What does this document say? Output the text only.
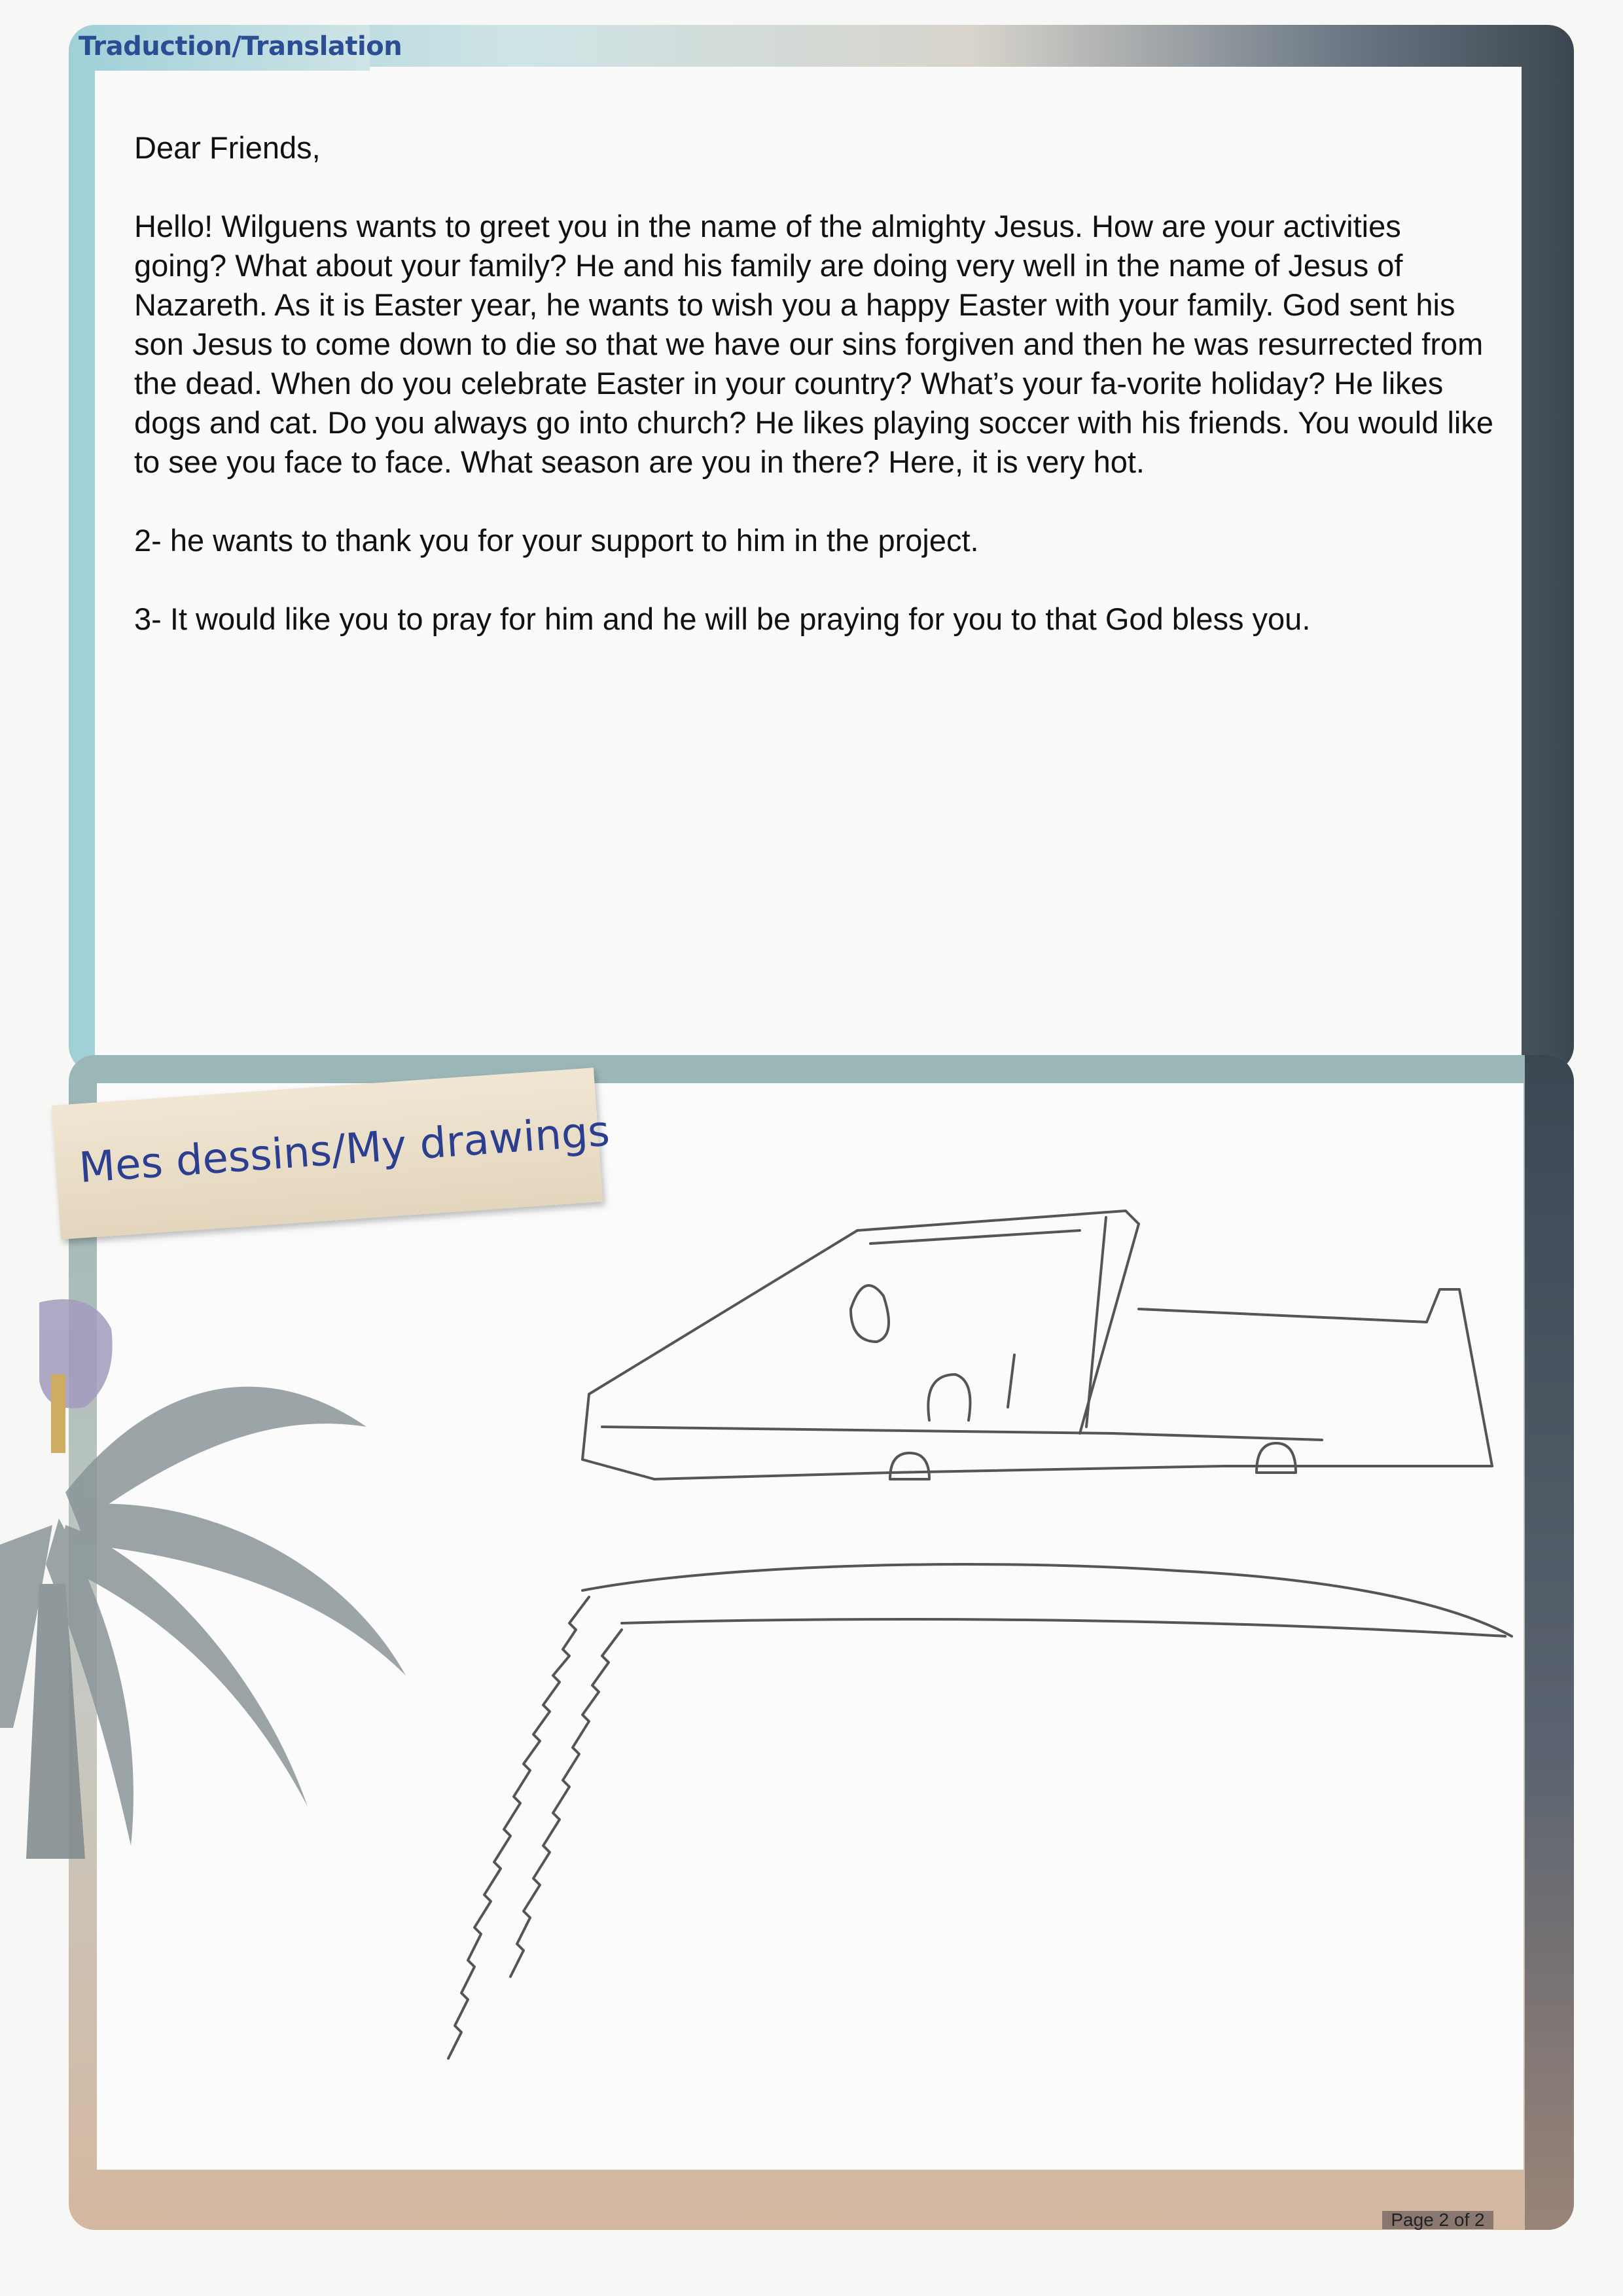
Traduction/Translation

Dear Friends,

Hello! Wilguens wants to greet you in the name of the almighty Jesus. How are your activities going? What about your family? He and his family are doing very well in the name of Jesus of Nazareth. As it is Easter year, he wants to wish you a happy Easter with your family. God sent his son Jesus to come down to die so that we have our sins forgiven and then he was resurrected from the dead. When do you celebrate Easter in your country? What’s your fa-vorite holiday? He likes dogs and cat. Do you always go into church? He likes playing soccer with his friends. You would like to see you face to face. What season are you in there? Here, it is very hot.

2- he wants to thank you for your support to him in the project.

3- It would like you to pray for him and he will be praying for you to that God bless you.

Mes dessins/My drawings
Page 2 of 2
